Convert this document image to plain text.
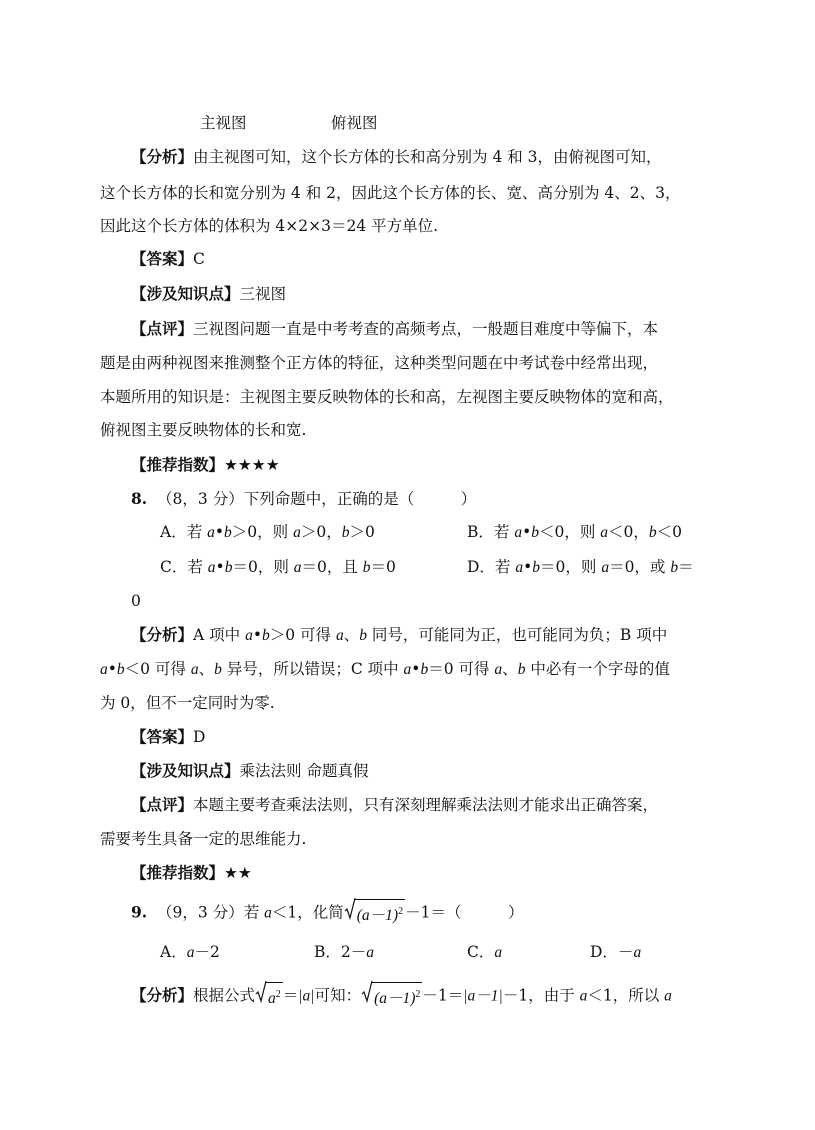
主视图	俯视图
【分析】由主视图可知，这个长方体的长和高分别为 4 和 3，由俯视图可知，
这个长方体的长和宽分别为 4 和 2，因此这个长方体的长、宽、高分别为 4、2、3，
因此这个长方体的体积为 4×2×3＝24 平方单位.
【答案】C
【涉及知识点】三视图
【点评】三视图问题一直是中考考查的高频考点，一般题目难度中等偏下，本
题是由两种视图来推测整个正方体的特征，这种类型问题在中考试卷中经常出现，
本题所用的知识是：主视图主要反映物体的长和高，左视图主要反映物体的宽和高，
俯视图主要反映物体的长和宽.
【推荐指数】★★★★
8. （8，3 分）下列命题中，正确的是（　　　）
A．若 a•b＞0，则 a＞0，b＞0	B．若 a•b＜0，则 a＜0，b＜0
C．若 a•b＝0，则 a＝0，且 b＝0	D．若 a•b＝0，则 a＝0，或 b＝
0
【分析】A 项中 a•b＞0 可得 a、b 同号，可能同为正，也可能同为负；B 项中
a•b＜0 可得 a、b 异号，所以错误；C 项中 a•b＝0 可得 a、b 中必有一个字母的值
为 0，但不一定同时为零.
【答案】D
【涉及知识点】乘法法则 命题真假
【点评】本题主要考查乘法法则，只有深刻理解乘法法则才能求出正确答案，
需要考生具备一定的思维能力.
【推荐指数】★★
9. （9，3 分）若 a＜1，化简 $(a-1)^2 -1=$（　　　）
A．a－2	B．2－a	C．a	D．－a
【分析】根据公式 $a^2 =|a|$可知： $(a-1)^2 -1=|a-1|-1$，由于 a＜1，所以 a
